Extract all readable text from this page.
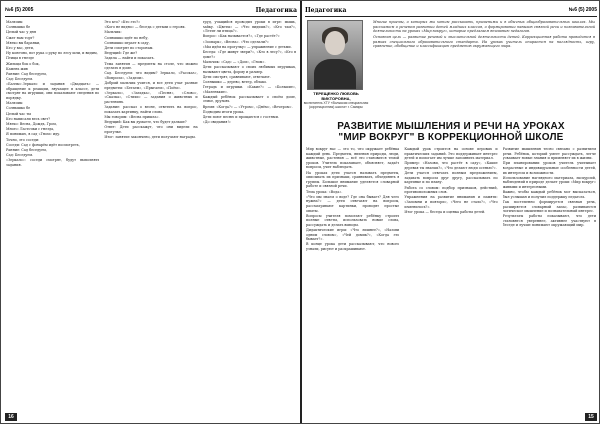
№6 (5) 2005	Педагогика

Мальчик:

Солнышко бе

Целый час у дня

Сжег нам торт?

Мягко вы баранки,

Кто у вас, дети,

Ну конечно, вот рука о руку по лесу шли, и видим,

Птицы в гнезде

Жильцы бок о бок,

Камень жив

Ранние: Сад беседуем,

Сад: Беседуем.

«Баллы».Зеркало и задания «Двадцать» — обращение к реакции, звучащее в классе, дети смотрят на игрушки, они показывают сведения по порядку.

Мальчик:

Солнышко бе

Целый час ты

Кто написали весь свет?

Мягко: Весна, Дождь, Гром,

Много: Ласточки с гнезда,

Я понимаю, в сад «Гном» иду.

Точно, это соседи:

Соседи: Сад с фонарём идёт посмотреть,

Ранние: Сад беседуем,

Сад: Беседуем.

«Зеркало»: соседи смотрят, будут выполнять задания.

Это кто? «Кто это?»

«Кого не видно» — беседа с детьми о героях.

Мальчик:

Солнышко идёт по небу,

Солнышко играет в саду,

Дети смотрят по сторонам.

Ведущий: Где же?

Задача — найти и показать.

Тема занятия — предметы на столе, что можно сделать в доме.

Сад. Беседуем: что видим? Зеркало, «Рассказ», «Вопросы», «Задачи».

Добрый мальчик учится, и все дети учат разные предметы: «Бегаем», «Прыгаем», «Поём».

«Зеркало», «Загадка», «Песня», «Слово», «Сказка», «Стихи» — задания о животных и растениях.

Задание: рассказ о весне, ответить на вопрос, показать картинку, найти слово.

Мы говорим: «Весна пришла».

Ведущий: Как вы думаете, что будет дальше?

Ответ: Дети расскажут, что они видели на прогулке.

Итог: занятие закончено, дети получают награды.

труд, учащийся проводил уроки в игре: мышь, зайку. «Цветы» — «Что видишь?», «Кто там?», «Летит ли птица?».

Вопрос: «Как называется?», «Где растёт?»

«Зоопарк», «Весна». «Что сделали?»

«Мы идём на прогулку» — упражнение с детьми.

Беседа: «Где живут звери?», «Кто в лесу?», «Кто в доме?»

Мальчик: «Сад» — «Дом», «Гном».

Дети рассказывают о своих любимых игрушках, называют цвета, форму и размер.

Дети смотрят, сравнивают, отвечают.

Солнышко — дерево, ветер, облако.

Тетрадь и игрушки. «Какие?» — «Большие», «Маленькие».

Каждый ребёнок рассказывает о своём доме, семье, друзьях.

Время: «Когда?» — «Утром», «Днём», «Вечером».

Подводим итоги урока.

Дети поют песню и прощаются с гостями.

«До свидания!»

16
Педагогика	№6 (5) 2005
ТЕРЕЩЕНКО ЛЮБОВЬ ВИКТОРОВНА,
воспитатель ХТУ «Волжская специальная (коррекционная) школа» г. Самары

Многие приемы, о которых мы хотим рассказать, применимы и в обычных общеобразовательных школах. Мы расскажем о речевом развитии детей младших классов, о формировании навыков связной речи и познавательной деятельности на уроках «Мир вокруг», которые предлагаем вниманию педагогов.

Основная цель — развитие речевой и мыслительной деятельности детей. Коррекционная работа проводится в рамках специального образовательного стандарта. На уроках учитель опирается на наглядность, игру, сравнение, обобщение и классификацию предметов окружающего мира.

РАЗВИТИЕ МЫШЛЕНИЯ И РЕЧИ НА УРОКАХ
"МИР ВОКРУГ" В КОРРЕКЦИОННОЙ ШКОЛЕ

Мир вокруг нас — это то, что окружает ребёнка каждый день. Предметы, явления природы, люди, животные, растения — всё это становится темой уроков. Учитель показывает, объясняет, задаёт вопросы, учит наблюдать.

На уроках дети учатся называть предметы, описывать их признаки, сравнивать, объединять в группы. Большое внимание уделяется словарной работе и связной речи.

Тема урока: «Вода».

«Что мы знаем о воде? Где она бывает? Для чего нужна?» — дети отвечают на вопросы, рассматривают картинки, проводят простые опыты.

Вопросы учителя помогают ребёнку строить полные ответы, использовать новые слова, рассуждать и делать выводы.

Дидактические игры: «Что лишнее?», «Назови одним словом», «Чей домик?», «Когда это бывает?».

В конце урока дети рассказывают, что нового узнали, рисуют и раскрашивают.

Каждый урок строится на основе игровых и практических заданий. Это поддерживает интерес детей и помогает им лучше запомнить материал.

Пример: «Назови, что растёт в саду», «Какие деревья ты знаешь?», «Что делают люди осенью?».

Дети учатся отвечать полным предложением, задавать вопросы друг другу, рассказывать по картинке и по плану.

Работа со словом: подбор признаков, действий, противоположных слов.

Упражнения на развитие внимания и памяти: «Запомни и повтори», «Чего не стало?», «Что изменилось?».

Итог урока — беседа и оценка работы детей.

Развитие мышления тесно связано с развитием речи. Ребёнок, который умеет рассуждать, легче усваивает новые знания и применяет их в жизни.

При планировании уроков учитель учитывает возрастные и индивидуальные особенности детей, их интересы и возможности.

Использование наглядного материала, экскурсий, наблюдений в природе делает уроки «Мир вокруг» живыми и интересными.

Важно, чтобы каждый ребёнок мог высказаться, был услышан и получил поддержку педагога.

Так постепенно формируется связная речь, расширяется словарный запас, развиваются логическое мышление и познавательный интерес.

Результаты работы показывают, что дети становятся увереннее, активнее участвуют в беседе и лучше понимают окружающий мир.

15
